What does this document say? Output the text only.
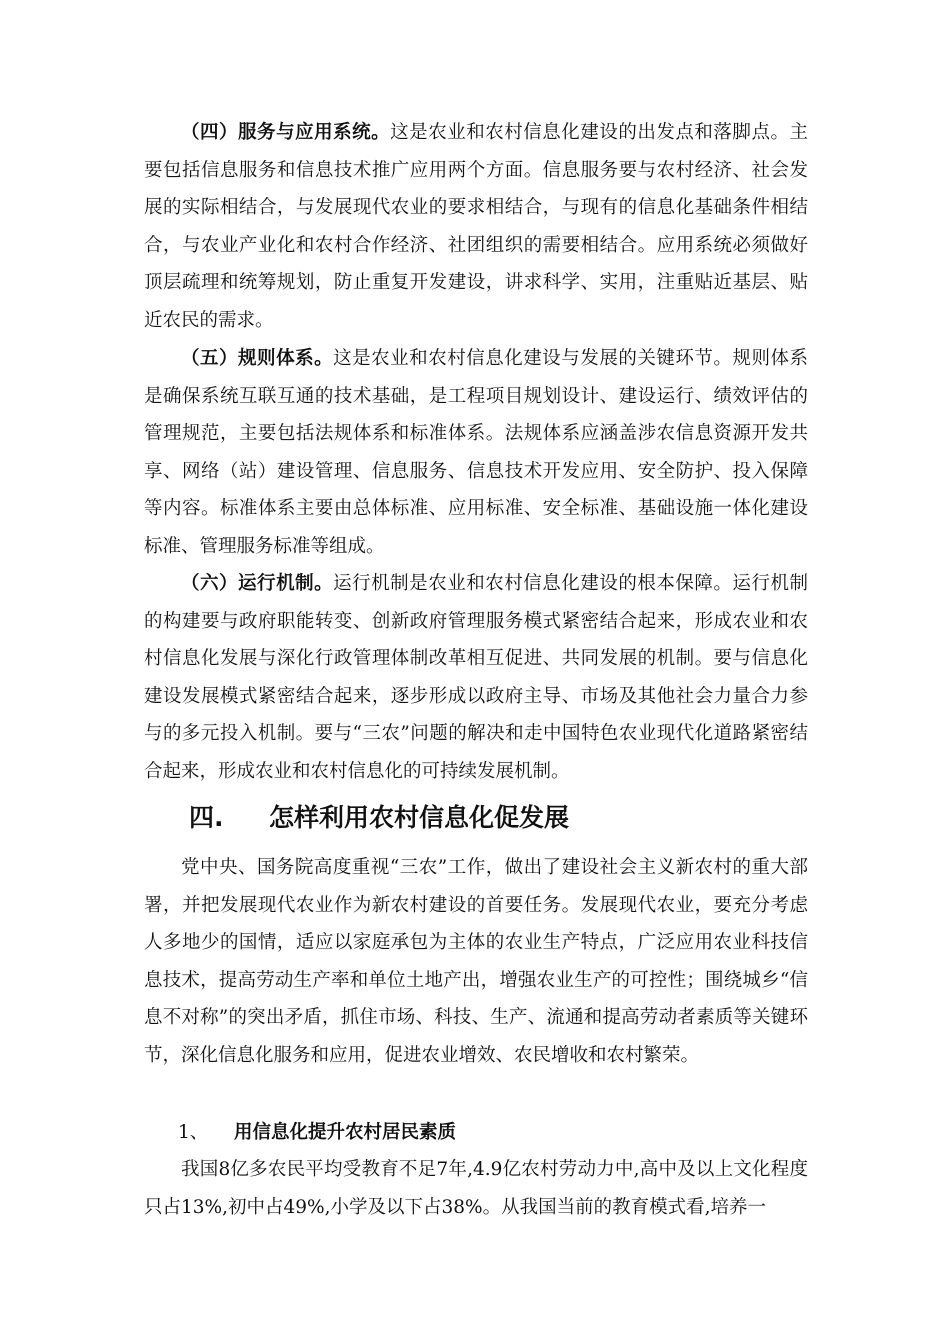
（四）服务与应用系统。这是农业和农村信息化建设的出发点和落脚点。主要包括信息服务和信息技术推广应用两个方面。信息服务要与农村经济、社会发展的实际相结合，与发展现代农业的要求相结合，与现有的信息化基础条件相结合，与农业产业化和农村合作经济、社团组织的需要相结合。应用系统必须做好顶层疏理和统筹规划，防止重复开发建设，讲求科学、实用，注重贴近基层、贴近农民的需求。

（五）规则体系。这是农业和农村信息化建设与发展的关键环节。规则体系是确保系统互联互通的技术基础，是工程项目规划设计、建设运行、绩效评估的管理规范，主要包括法规体系和标准体系。法规体系应涵盖涉农信息资源开发共享、网络（站）建设管理、信息服务、信息技术开发应用、安全防护、投入保障等内容。标准体系主要由总体标准、应用标准、安全标准、基础设施一体化建设标准、管理服务标准等组成。

（六）运行机制。运行机制是农业和农村信息化建设的根本保障。运行机制的构建要与政府职能转变、创新政府管理服务模式紧密结合起来，形成农业和农村信息化发展与深化行政管理体制改革相互促进、共同发展的机制。要与信息化建设发展模式紧密结合起来，逐步形成以政府主导、市场及其他社会力量合力参与的多元投入机制。要与“三农”问题的解决和走中国特色农业现代化道路紧密结合起来，形成农业和农村信息化的可持续发展机制。

四. 怎样利用农村信息化促发展

党中央、国务院高度重视“三农”工作，做出了建设社会主义新农村的重大部署，并把发展现代农业作为新农村建设的首要任务。发展现代农业，要充分考虑人多地少的国情，适应以家庭承包为主体的农业生产特点，广泛应用农业科技信息技术，提高劳动生产率和单位土地产出，增强农业生产的可控性；围绕城乡“信息不对称”的突出矛盾，抓住市场、科技、生产、流通和提高劳动者素质等关键环节，深化信息化服务和应用，促进农业增效、农民增收和农村繁荣。

1、 用信息化提升农村居民素质

我国8亿多农民平均受教育不足7年,4.9亿农村劳动力中,高中及以上文化程度只占13%,初中占49%,小学及以下占38%。从我国当前的教育模式看,培养一
